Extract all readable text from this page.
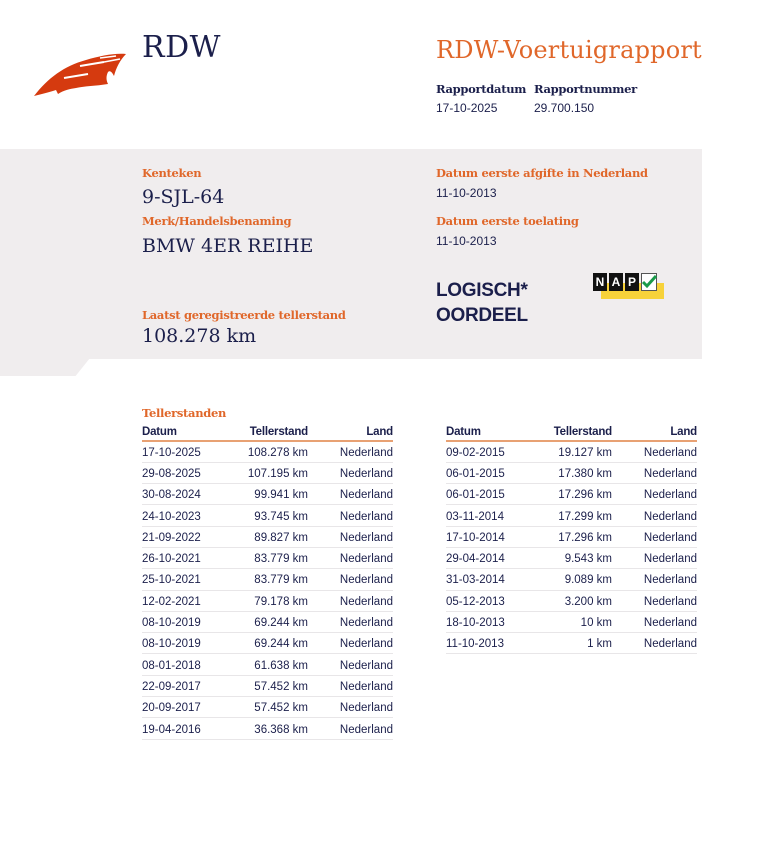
RDW	RDW-Voertuigrapport
Rapportdatum
17-10-2025
Rapportnummer
29.700.150
Kenteken
9-SJL-64
Merk/Handelsbenaming
BMW 4ER REIHE
Laatst geregistreerde tellerstand
108.278 km
Datum eerste afgifte in Nederland
11-10-2013
Datum eerste toelating
11-10-2013
LOGISCH*
OORDEEL
N A P
Tellerstanden
Datum	Tellerstand	Land
17-10-2025	108.278 km	Nederland
29-08-2025	107.195 km	Nederland
30-08-2024	99.941 km	Nederland
24-10-2023	93.745 km	Nederland
21-09-2022	89.827 km	Nederland
26-10-2021	83.779 km	Nederland
25-10-2021	83.779 km	Nederland
12-02-2021	79.178 km	Nederland
08-10-2019	69.244 km	Nederland
08-10-2019	69.244 km	Nederland
08-01-2018	61.638 km	Nederland
22-09-2017	57.452 km	Nederland
20-09-2017	57.452 km	Nederland
19-04-2016	36.368 km	Nederland
Datum	Tellerstand	Land
09-02-2015	19.127 km	Nederland
06-01-2015	17.380 km	Nederland
06-01-2015	17.296 km	Nederland
03-11-2014	17.299 km	Nederland
17-10-2014	17.296 km	Nederland
29-04-2014	9.543 km	Nederland
31-03-2014	9.089 km	Nederland
05-12-2013	3.200 km	Nederland
18-10-2013	10 km	Nederland
11-10-2013	1 km	Nederland
